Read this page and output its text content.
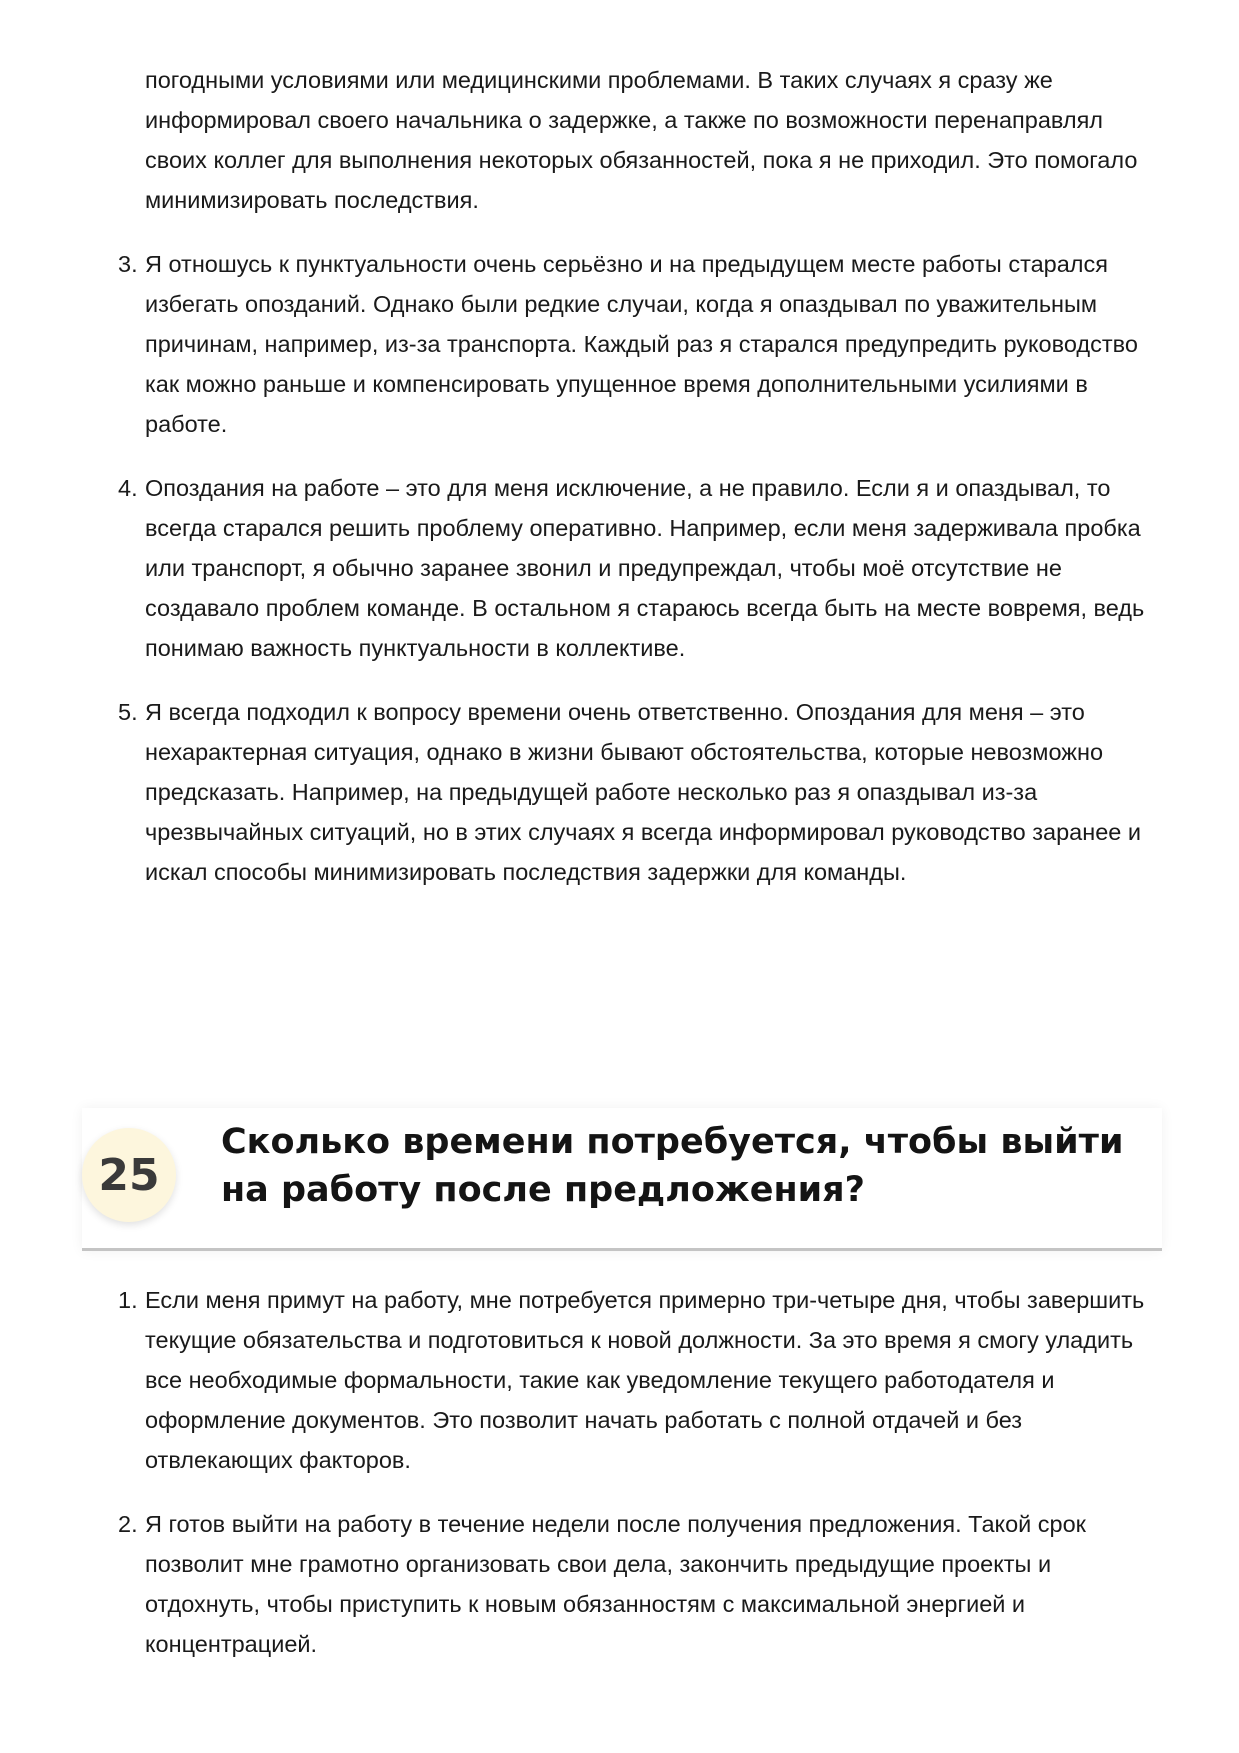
погодными условиями или медицинскими проблемами. В таких случаях я сразу же информировал своего начальника о задержке, а также по возможности перенаправлял своих коллег для выполнения некоторых обязанностей, пока я не приходил. Это помогало минимизировать последствия.

3. Я отношусь к пунктуальности очень серьёзно и на предыдущем месте работы старался избегать опозданий. Однако были редкие случаи, когда я опаздывал по уважительным причинам, например, из-за транспорта. Каждый раз я старался предупредить руководство как можно раньше и компенсировать упущенное время дополнительными усилиями в работе.
4. Опоздания на работе – это для меня исключение, а не правило. Если я и опаздывал, то всегда старался решить проблему оперативно. Например, если меня задерживала пробка или транспорт, я обычно заранее звонил и предупреждал, чтобы моё отсутствие не создавало проблем команде. В остальном я стараюсь всегда быть на месте вовремя, ведь понимаю важность пунктуальности в коллективе.
5. Я всегда подходил к вопросу времени очень ответственно. Опоздания для меня – это нехарактерная ситуация, однако в жизни бывают обстоятельства, которые невозможно предсказать. Например, на предыдущей работе несколько раз я опаздывал из-за чрезвычайных ситуаций, но в этих случаях я всегда информировал руководство заранее и искал способы минимизировать последствия задержки для команды.
25
Сколько времени потребуется, чтобы выйти на работу после предложения?
1. Если меня примут на работу, мне потребуется примерно три-четыре дня, чтобы завершить текущие обязательства и подготовиться к новой должности. За это время я смогу уладить все необходимые формальности, такие как уведомление текущего работодателя и оформление документов. Это позволит начать работать с полной отдачей и без отвлекающих факторов.
2. Я готов выйти на работу в течение недели после получения предложения. Такой срок позволит мне грамотно организовать свои дела, закончить предыдущие проекты и отдохнуть, чтобы приступить к новым обязанностям с максимальной энергией и концентрацией.
